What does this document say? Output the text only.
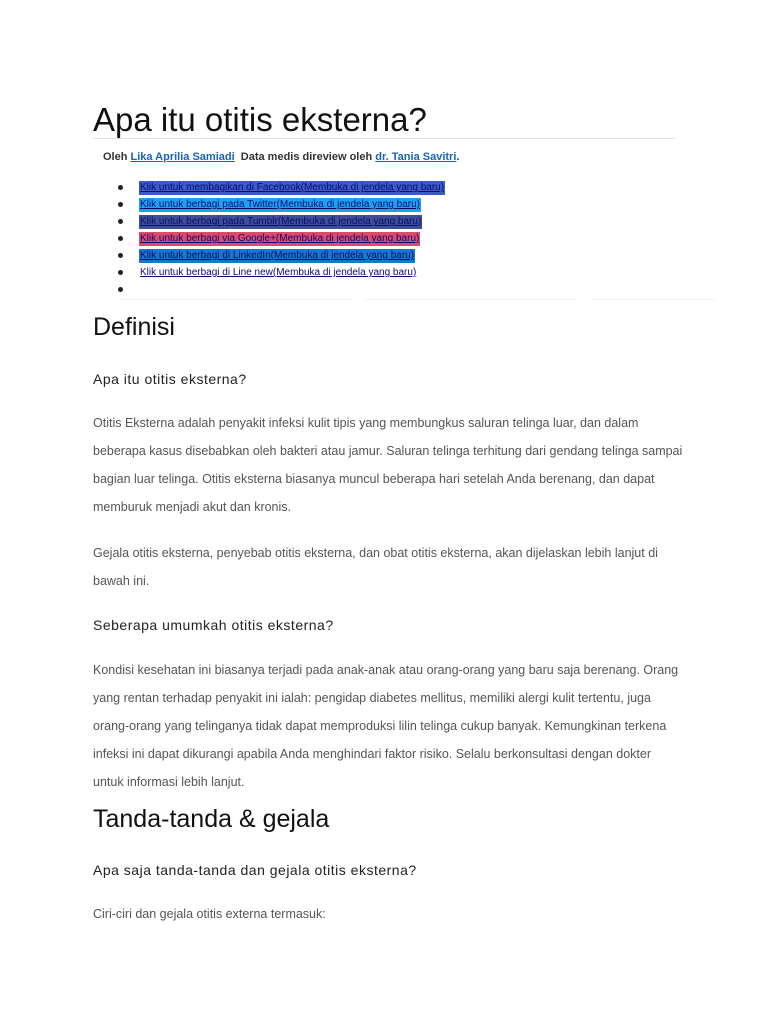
Apa itu otitis eksterna?
Oleh Lika Aprilia Samiadi  Data medis direview oleh dr. Tania Savitri.
Klik untuk membagikan di Facebook(Membuka di jendela yang baru)
Klik untuk berbagi pada Twitter(Membuka di jendela yang baru)
Klik untuk berbagi pada Tumblr(Membuka di jendela yang baru)
Klik untuk berbagi via Google+(Membuka di jendela yang baru)
Klik untuk berbagi di LinkedIn(Membuka di jendela yang baru)
Klik untuk berbagi di Line new(Membuka di jendela yang baru)
Definisi
Apa itu otitis eksterna?

Otitis Eksterna adalah penyakit infeksi kulit tipis yang membungkus saluran telinga luar, dan dalam beberapa kasus disebabkan oleh bakteri atau jamur. Saluran telinga terhitung dari gendang telinga sampai bagian luar telinga. Otitis eksterna biasanya muncul beberapa hari setelah Anda berenang, dan dapat memburuk menjadi akut dan kronis.

Gejala otitis eksterna, penyebab otitis eksterna, dan obat otitis eksterna, akan dijelaskan lebih lanjut di bawah ini.

Seberapa umumkah otitis eksterna?

Kondisi kesehatan ini biasanya terjadi pada anak-anak atau orang-orang yang baru saja berenang. Orang yang rentan terhadap penyakit ini ialah: pengidap diabetes mellitus, memiliki alergi kulit tertentu, juga orang-orang yang telinganya tidak dapat memproduksi lilin telinga cukup banyak. Kemungkinan terkena infeksi ini dapat dikurangi apabila Anda menghindari faktor risiko. Selalu berkonsultasi dengan dokter untuk informasi lebih lanjut.

Tanda-tanda & gejala
Apa saja tanda-tanda dan gejala otitis eksterna?

Ciri-ciri dan gejala otitis externa termasuk:
